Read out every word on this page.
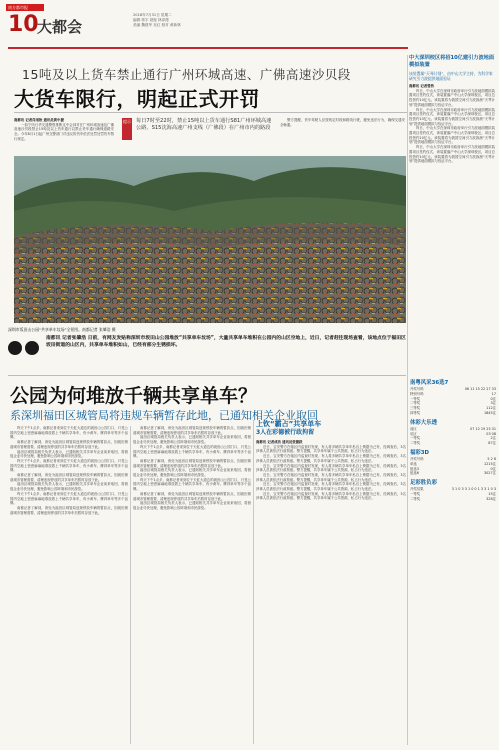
南方都市报
10
大都会
2018年7月31日 星期二
编辑 郭宇 聂振 林泽漫
美编 魏建华 吴红 校对 黄新林
15吨及以上货车禁止通行广州环城高速、广佛高速沙贝段
大货车限行，明起正式开罚

南都讯 记者肖雨欣 通讯员黄中捷

一如宁所日华交通警察推断这中会到对在广州环城高速及广佛高速沙贝段禁止15吨及以上货车通行以禁止货车通行确保道路安全。今年8月1日起广州交警部门对违反的货车依法处罚处罚货车禁行规定。

提示 每日7时至22时，禁止15吨以上货车通行S81广州环城高速公路、S15沈海高速广州支线（广佛段）在广州市内的路段

警方提醒，货车驾驶人应按规定时段和路线行驶，避免违法行为，确保交通安全畅通。

深圳市坂田山公园“共享单车坟场”全景图。南都记者 张肇浩 摄
南都讯 记者张肇浩 日前，有网友发贴称深圳市坂田山公园堆放“共享单车坟场”，大量共享单车堆积在公园内的山区空地上，近日，记者赶往现场查看，该地点位于福田区坂田街道的山区内，共享单车堆积如山，已经有部分生锈损坏。
公园为何堆放千辆共享单车？
系深圳福田区城管局将违规车辆暂存此地，已通知相关企业取回

昨天下午1点多，南都记者来到位于天虹大道边的坂田山公园门口，只见公园内空地上密密麻麻地堆放着上千辆共享单车，有小黄车、摩拜单车等多个品牌。

南都记者了解到，该处为福田区城管局违规停放车辆的暂扣点，因坂田街道城市管理需要，清理违规停放的共享单车后暂时存放于此。

福田区城管局相关负责人表示，已通知相关共享单车企业前来取回，将督促企业尽快处理，避免影响公园环境和市民游览。

昨天下午1点多，南都记者来到位于天虹大道边的坂田山公园门口，只见公园内空地上密密麻麻地堆放着上千辆共享单车，有小黄车、摩拜单车等多个品牌。

南都记者了解到，该处为福田区城管局违规停放车辆的暂扣点，因坂田街道城市管理需要，清理违规停放的共享单车后暂时存放于此。

福田区城管局相关负责人表示，已通知相关共享单车企业前来取回，将督促企业尽快处理，避免影响公园环境和市民游览。

昨天下午1点多，南都记者来到位于天虹大道边的坂田山公园门口，只见公园内空地上密密麻麻地堆放着上千辆共享单车，有小黄车、摩拜单车等多个品牌。

南都记者了解到，该处为福田区城管局违规停放车辆的暂扣点，因坂田街道城市管理需要，清理违规停放的共享单车后暂时存放于此。

南都记者了解到，该处为福田区城管局违规停放车辆的暂扣点，因坂田街道城市管理需要，清理违规停放的共享单车后暂时存放于此。

福田区城管局相关负责人表示，已通知相关共享单车企业前来取回，将督促企业尽快处理，避免影响公园环境和市民游览。

昨天下午1点多，南都记者来到位于天虹大道边的坂田山公园门口，只见公园内空地上密密麻麻地堆放着上千辆共享单车，有小黄车、摩拜单车等多个品牌。

南都记者了解到，该处为福田区城管局违规停放车辆的暂扣点，因坂田街道城市管理需要，清理违规停放的共享单车后暂时存放于此。

福田区城管局相关负责人表示，已通知相关共享单车企业前来取回，将督促企业尽快处理，避免影响公园环境和市民游览。

昨天下午1点多，南都记者来到位于天虹大道边的坂田山公园门口，只见公园内空地上密密麻麻地堆放着上千辆共享单车，有小黄车、摩拜单车等多个品牌。

南都记者了解到，该处为福田区城管局违规停放车辆的暂扣点，因坂田街道城市管理需要，清理违规停放的共享单车后暂时存放于此。

福田区城管局相关负责人表示，已通知相关共享单车企业前来取回，将督促企业尽快处理，避免影响公园环境和市民游览。

上钦“霸占”共享单车
3人在彩德被行政拘留

南都讯 记者成洁 通讯员张德跃

近日，宝安警方在辖区内巡查时发现，有人将多辆共享单车私自上锁据为己有，经调查后，3名涉事人员被依法行政拘留。警方提醒，共享单车属于公共资源，私占行为违法。

近日，宝安警方在辖区内巡查时发现，有人将多辆共享单车私自上锁据为己有，经调查后，3名涉事人员被依法行政拘留。警方提醒，共享单车属于公共资源，私占行为违法。

近日，宝安警方在辖区内巡查时发现，有人将多辆共享单车私自上锁据为己有，经调查后，3名涉事人员被依法行政拘留。警方提醒，共享单车属于公共资源，私占行为违法。

近日，宝安警方在辖区内巡查时发现，有人将多辆共享单车私自上锁据为己有，经调查后，3名涉事人员被依法行政拘留。警方提醒，共享单车属于公共资源，私占行为违法。

近日，宝安警方在辖区内巡查时发现，有人将多辆共享单车私自上锁据为己有，经调查后，3名涉事人员被依法行政拘留。警方提醒，共享单车属于公共资源，私占行为违法。

近日，宝安警方在辖区内巡查时发现，有人将多辆共享单车私自上锁据为己有，经调查后，3名涉事人员被依法行政拘留。警方提醒，共享单车属于公共资源，私占行为违法。

中大深圳校区将招10亿建引力波地面模拟装置
该装置属“天琴计划”，由中山大学主持，为科学家研究引力波提供地面验证

南都讯 记者曾浩

昨日，中山大学在深圳市政府举行引力波地面模拟装置项目签约仪式，该装置落户中山大学深圳校区，项目总投资约10亿元。该装置将为我国空间引力波探测“天琴计划”提供地面模拟与验证平台。

昨日，中山大学在深圳市政府举行引力波地面模拟装置项目签约仪式，该装置落户中山大学深圳校区，项目总投资约10亿元。该装置将为我国空间引力波探测“天琴计划”提供地面模拟与验证平台。

昨日，中山大学在深圳市政府举行引力波地面模拟装置项目签约仪式，该装置落户中山大学深圳校区，项目总投资约10亿元。该装置将为我国空间引力波探测“天琴计划”提供地面模拟与验证平台。

昨日，中山大学在深圳市政府举行引力波地面模拟装置项目签约仪式，该装置落户中山大学深圳校区，项目总投资约10亿元。该装置将为我国空间引力波探测“天琴计划”提供地面模拟与验证平台。

南粤风采36选7
开奖号码	06 11 15 22 27 33
特别号码	17
一等奖	0注
二等奖	3注
三等奖	112注
四等奖	1845注
体彩大乐透
前区	07 12 19 25 31
后区	03 08
一等奖	2注
二等奖	87注
福彩3D
开奖号码	5 2 8
单选	1215注
组选3	0注
组选6	3027注
足彩胜负彩
开奖结果	3 1 0 3 3 1 0 0 1 3 3 1 0 3
一等奖	15注
二等奖	328注
